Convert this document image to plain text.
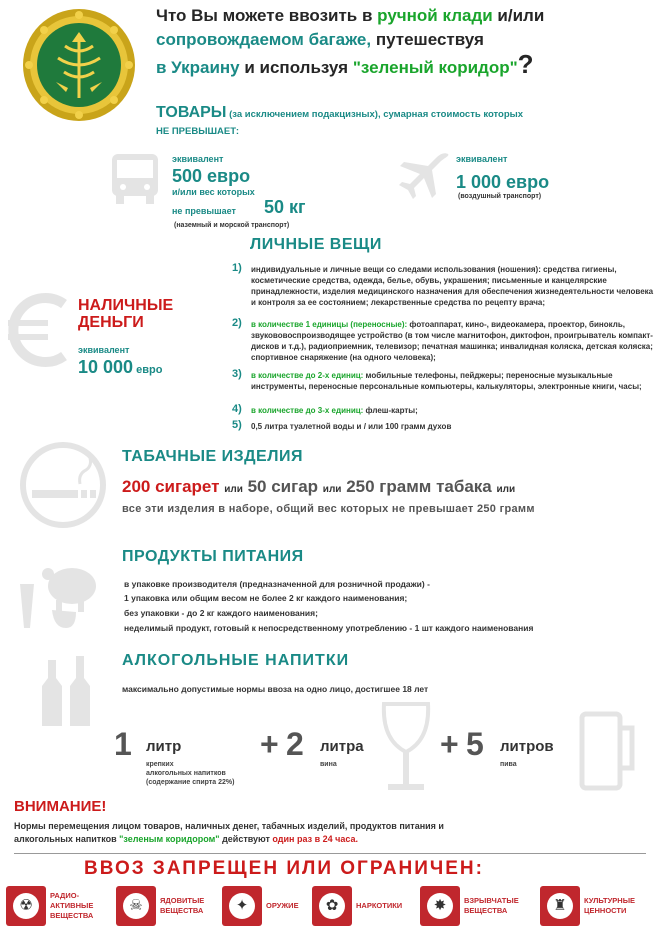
Что Вы можете ввозить в ручной клади и/или
сопровождаемом багаже, путешествуя
в Украину и используя "зеленый коридор"?
ТОВАРЫ (за исключением подакцизных), сумарная стоимость которых
НЕ ПРЕВЫШАЕТ:
эквивалент
500 евро
и/или вес которых
не превышает 50 кг
(наземный и морской транспорт)
эквивалент
1 000 евро
(воздушный транспорт)
ЛИЧНЫЕ ВЕЩИ
1) индивидуальные и личные вещи со следами использования (ношения): средства гигиены, косметические средства, одежда, белье, обувь, украшения; письменные и канцелярские принадлежности, изделия медицинского назначения для обеспечения жизнедеятельности человека и контроля за ее состоянием; лекарственные средства по рецепту врача;
2) в количестве 1 единицы (переносные): фотоаппарат, кино-, видеокамера, проектор, бинокль, звукововоспроизводящее устройство (в том числе магнитофон, диктофон, проигрыватель компакт-дисков и т.д.), радиоприемник, телевизор; печатная машинка; инвалидная коляска, детская коляска; спортивное снаряжение (на одного человека);
3) в количестве до 2-х единиц: мобильные телефоны, пейджеры; переносные музыкальные инструменты, переносные персональные компьютеры, калькуляторы, электронные книги, часы;
4) в количестве до 3-х единиц: флеш-карты;
5) 0,5 литра туалетной воды и / или 100 грамм духов
НАЛИЧНЫЕ
ДЕНЬГИ
эквивалент
10 000 евро
ТАБАЧНЫЕ ИЗДЕЛИЯ
200 сигарет или 50 сигар или 250 грамм табака или
все эти изделия в наборе, общий вес которых не превышает 250 грамм
ПРОДУКТЫ ПИТАНИЯ
в упаковке производителя (предназначенной для розничной продажи) -
1 упаковка или общим весом не более 2 кг каждого наименования;
без упаковки - до 2 кг каждого наименования;
неделимый продукт, готовый к непосредственному употреблению - 1 шт каждого наименования
АЛКОГОЛЬНЫЕ НАПИТКИ
максимально допустимые нормы ввоза на одно лицо, достигшее 18 лет
1 литр
крепких
алкогольных напитков
(содержание спирта 22%)
+ 2 литра
вина
+ 5 литров
пива
ВНИМАНИЕ!
Нормы перемещения лицом товаров, наличных денег, табачных изделий, продуктов питания и
алкогольных напитков "зеленым коридором" действуют один раз в 24 часа.
ВВОЗ ЗАПРЕЩЕН ИЛИ ОГРАНИЧЕН:
☢
РАДИО-
АКТИВНЫЕ
ВЕЩЕСТВА
☠	ЯДОВИТЫЕ
ВЕЩЕСТВА	✦	ОРУЖИЕ	✿	НАРКОТИКИ	✸	ВЗРЫВЧАТЫЕ
ВЕЩЕСТВА	♜	КУЛЬТУРНЫЕ
ЦЕННОСТИ
